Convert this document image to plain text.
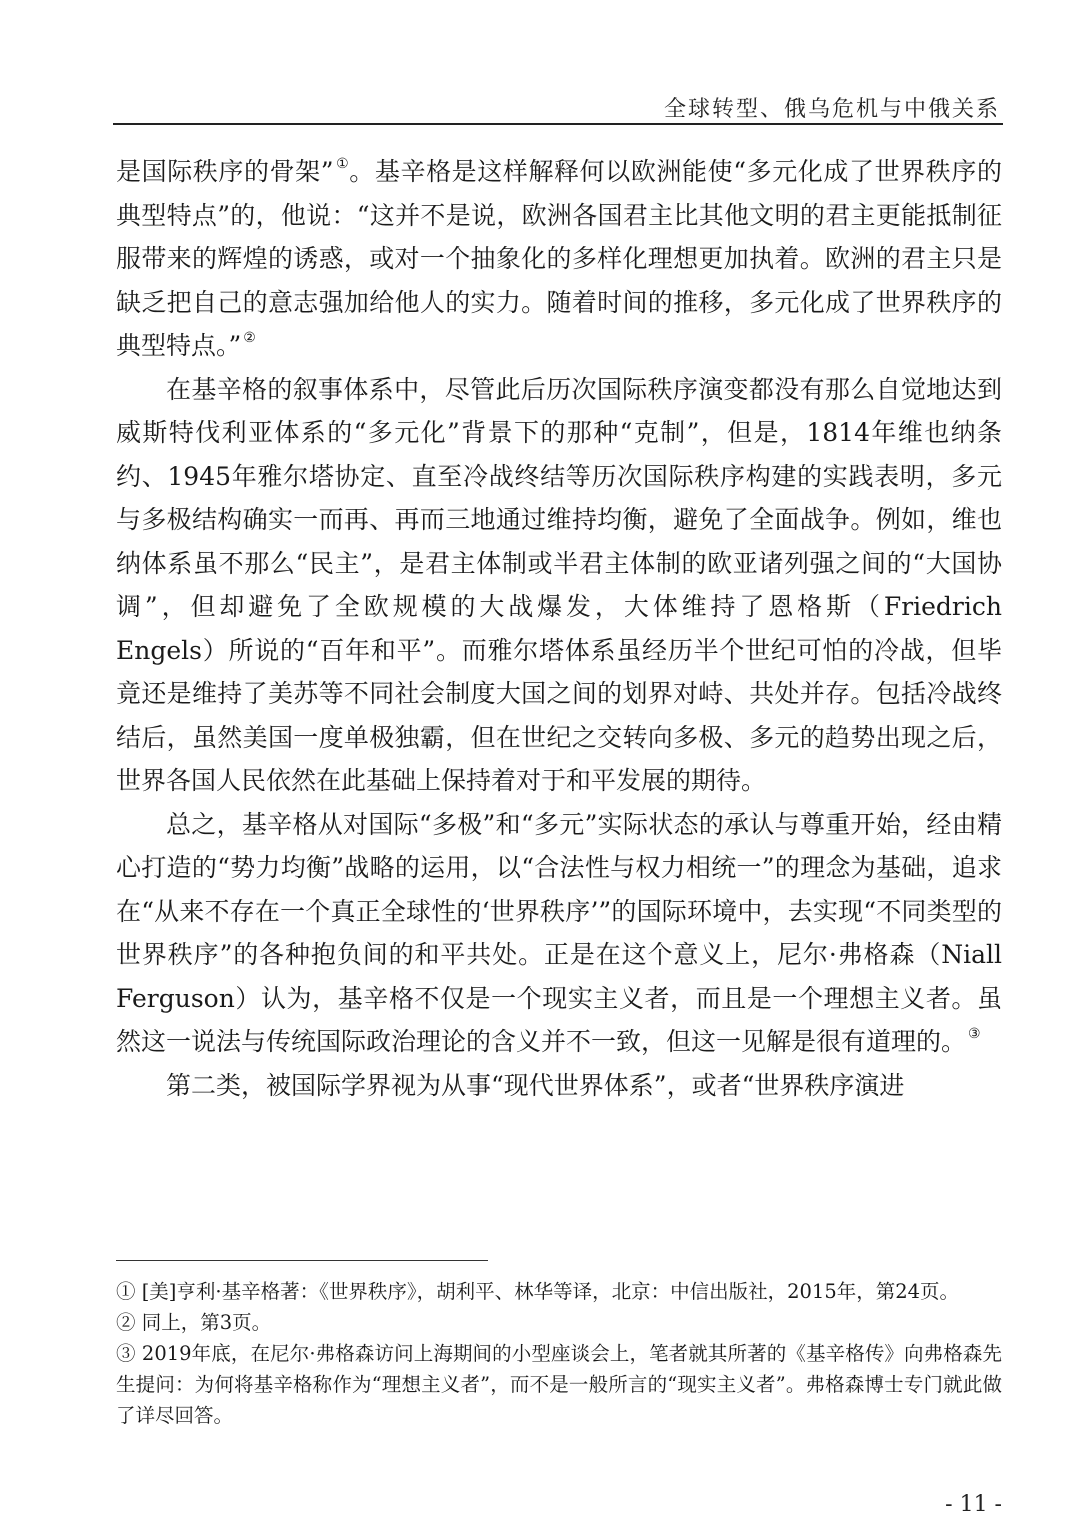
全球转型、俄乌危机与中俄关系

是国际秩序的骨架” ①。基辛格是这样解释何以欧洲能使“多元化成了世界秩序的典型特点”的，他说：“这并不是说，欧洲各国君主比其他文明的君主更能抵制征服带来的辉煌的诱惑，或对一个抽象化的多样化理想更加执着。欧洲的君主只是缺乏把自己的意志强加给他人的实力。随着时间的推移，多元化成了世界秩序的典型特点。” ②

在基辛格的叙事体系中，尽管此后历次国际秩序演变都没有那么自觉地达到威斯特伐利亚体系的“多元化”背景下的那种“克制”，但是，1814年维也纳条约、1945年雅尔塔协定、直至冷战终结等历次国际秩序构建的实践表明，多元与多极结构确实一而再、再而三地通过维持均衡，避免了全面战争。例如，维也纳体系虽不那么“民主”，是君主体制或半君主体制的欧亚诸列强之间的“大国协调”，但却避免了全欧规模的大战爆发，大体维持了恩格斯（Friedrich Engels）所说的“百年和平”。而雅尔塔体系虽经历半个世纪可怕的冷战，但毕竟还是维持了美苏等不同社会制度大国之间的划界对峙、共处并存。包括冷战终结后，虽然美国一度单极独霸，但在世纪之交转向多极、多元的趋势出现之后，世界各国人民依然在此基础上保持着对于和平发展的期待。

总之，基辛格从对国际“多极”和“多元”实际状态的承认与尊重开始，经由精心打造的“势力均衡”战略的运用，以“合法性与权力相统一”的理念为基础，追求在“从来不存在一个真正全球性的‘世界秩序’”的国际环境中，去实现“不同类型的世界秩序”的各种抱负间的和平共处。正是在这个意义上，尼尔·弗格森（Niall Ferguson）认为，基辛格不仅是一个现实主义者，而且是一个理想主义者。虽然这一说法与传统国际政治理论的含义并不一致，但这一见解是很有道理的。 ③

第二类，被国际学界视为从事“现代世界体系”，或者“世界秩序演进

① [美]亨利·基辛格著：《世界秩序》，胡利平、林华等译，北京：中信出版社，2015年，第24页。

② 同上，第3页。

③ 2019年底，在尼尔·弗格森访问上海期间的小型座谈会上，笔者就其所著的《基辛格传》向弗格森先生提问：为何将基辛格称作为“理想主义者”，而不是一般所言的“现实主义者”。弗格森博士专门就此做了详尽回答。

- 11 -
